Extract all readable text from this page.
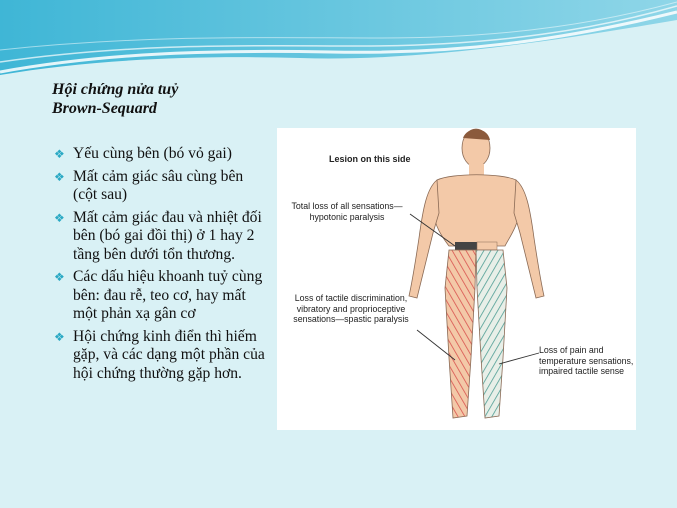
Hội chứng nửa tuỷ
Brown-Sequard
❖ Yếu cùng bên (bó vỏ gai)
❖ Mất cảm giác sâu cùng bên (cột sau)
❖ Mất cảm giác đau và nhiệt đối bên (bó gai đồi thị) ở 1 hay 2 tầng bên dưới tổn thương.
❖ Các dấu hiệu khoanh tuỷ cùng bên: đau rễ, teo cơ, hay mất một phản xạ gân cơ
❖ Hội chứng kinh điển thì hiếm gặp, và các dạng một phần của hội chứng thường gặp hơn.

Lesion on this side

Total loss of all sensations—
hypotonic paralysis

Loss of tactile discrimination,
vibratory and proprioceptive
sensations—spastic paralysis

Loss of pain and
temperature sensations,
impaired tactile sense
